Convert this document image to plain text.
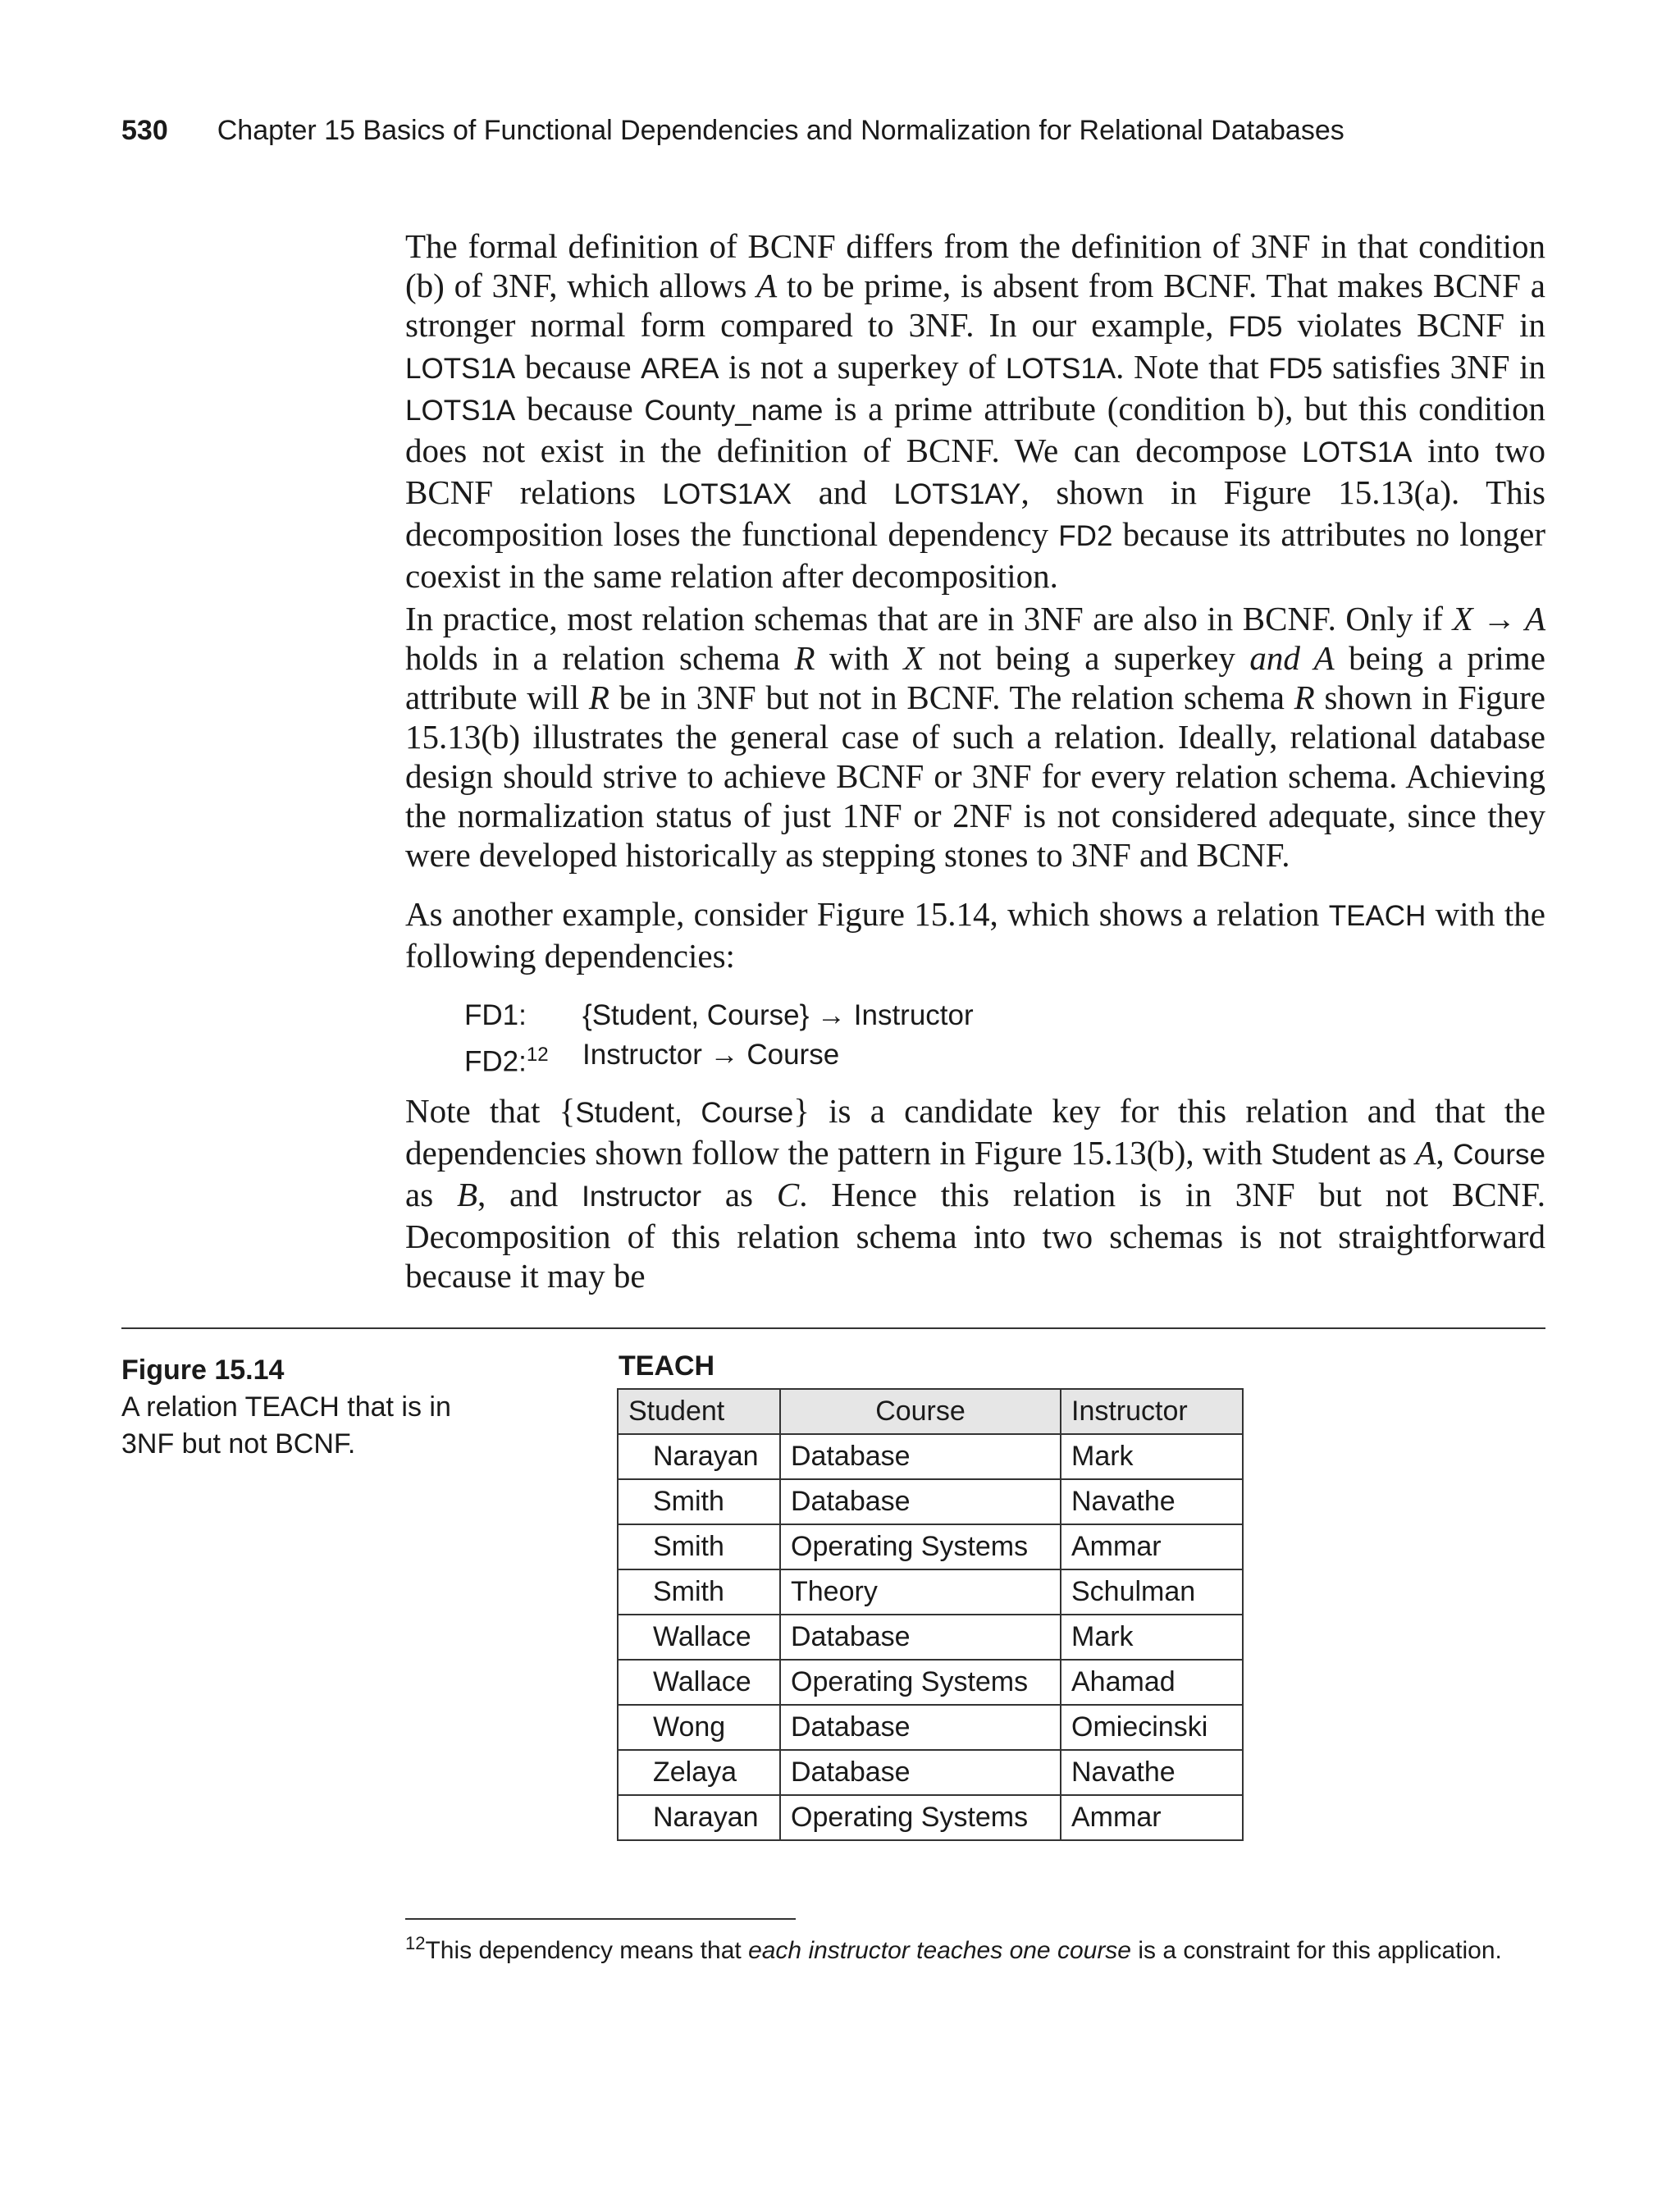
530 Chapter 15 Basics of Functional Dependencies and Normalization for Relational Databases

The formal definition of BCNF differs from the definition of 3NF in that condition (b) of 3NF, which allows A to be prime, is absent from BCNF. That makes BCNF a stronger normal form compared to 3NF. In our example, FD5 violates BCNF in LOTS1A because AREA is not a superkey of LOTS1A. Note that FD5 satisfies 3NF in LOTS1A because County_name is a prime attribute (condition b), but this condition does not exist in the definition of BCNF. We can decompose LOTS1A into two BCNF relations LOTS1AX and LOTS1AY, shown in Figure 15.13(a). This decomposition loses the functional dependency FD2 because its attributes no longer coexist in the same relation after decomposition.

In practice, most relation schemas that are in 3NF are also in BCNF. Only if X → A holds in a relation schema R with X not being a superkey and A being a prime attribute will R be in 3NF but not in BCNF. The relation schema R shown in Figure 15.13(b) illustrates the general case of such a relation. Ideally, relational database design should strive to achieve BCNF or 3NF for every relation schema. Achieving the normalization status of just 1NF or 2NF is not considered adequate, since they were developed historically as stepping stones to 3NF and BCNF.

As another example, consider Figure 15.14, which shows a relation TEACH with the following dependencies:

FD1:	{Student, Course} → Instructor
FD2:$^{12}$	Instructor → Course

Note that {Student, Course} is a candidate key for this relation and that the dependencies shown follow the pattern in Figure 15.13(b), with Student as A, Course as B, and Instructor as C. Hence this relation is in 3NF but not BCNF. Decomposition of this relation schema into two schemas is not straightforward because it may be

Figure 15.14
A relation TEACH that is in 3NF but not BCNF.
TEACH
Student	Course	Instructor
Narayan	Database	Mark
Smith	Database	Navathe
Smith	Operating Systems	Ammar
Smith	Theory	Schulman
Wallace	Database	Mark
Wallace	Operating Systems	Ahamad
Wong	Database	Omiecinski
Zelaya	Database	Navathe
Narayan	Operating Systems	Ammar
$^{12}$This dependency means that each instructor teaches one course is a constraint for this application.
